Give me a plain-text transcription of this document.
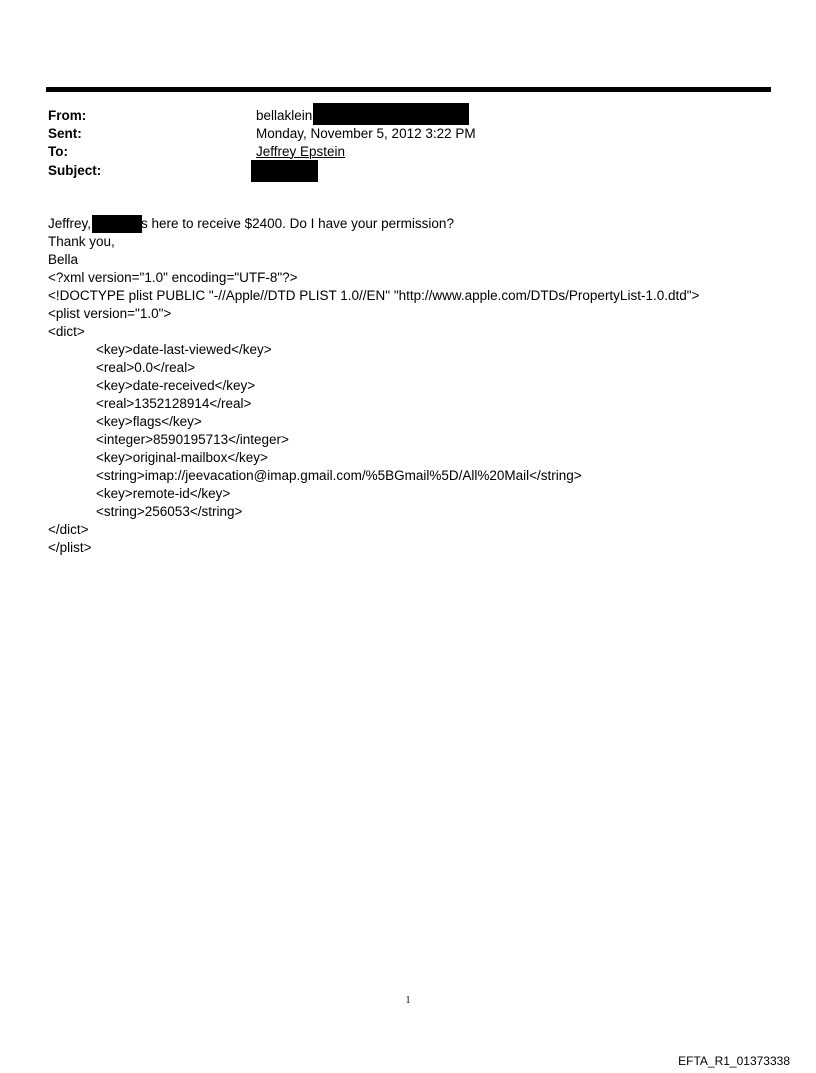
From:	bellaklein
Sent:	Monday, November 5, 2012 3:22 PM
To:	Jeffrey Epstein
Subject:
Jeffrey,	is here to receive $2400. Do I have your permission?
Thank you,
Bella
<?xml version="1.0" encoding="UTF-8"?>
<!DOCTYPE plist PUBLIC "-//Apple//DTD PLIST 1.0//EN" "http://www.apple.com/DTDs/PropertyList-1.0.dtd">
<plist version="1.0">
<dict>
<key>date-last-viewed</key>
<real>0.0</real>
<key>date-received</key>
<real>1352128914</real>
<key>flags</key>
<integer>8590195713</integer>
<key>original-mailbox</key>
<string>imap://jeevacation@imap.gmail.com/%5BGmail%5D/All%20Mail</string>
<key>remote-id</key>
<string>256053</string>
</dict>
</plist>
1
EFTA_R1_01373338
